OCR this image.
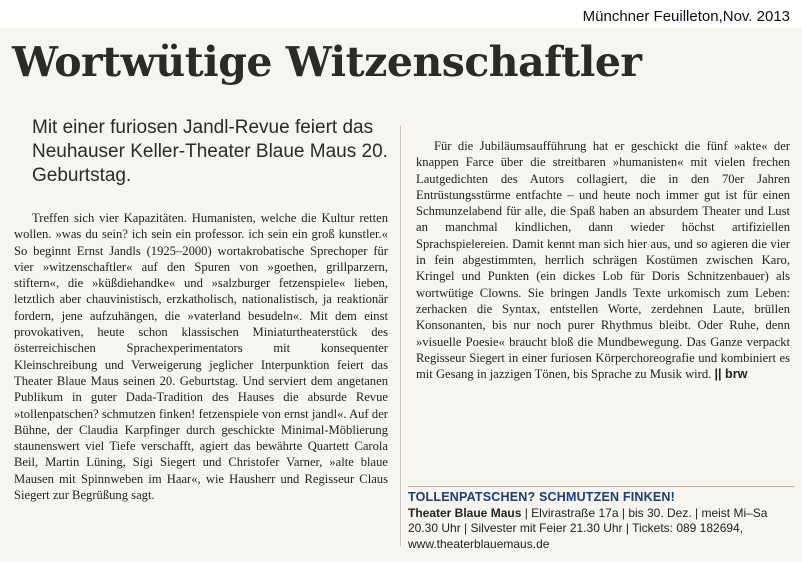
Münchner Feuilleton,Nov. 2013
Wortwütige Witzenschaftler
Mit einer furiosen Jandl-Revue feiert das Neuhauser Keller-Theater Blaue Maus 20. Geburtstag.
Treffen sich vier Kapazitäten. Humanisten, welche die Kultur retten wollen. »was du sein? ich sein ein professor. ich sein ein groß kunstler.« So beginnt Ernst Jandls (1925–2000) wortakrobatische Sprechoper für vier »witzenschaftler« auf den Spuren von »goethen, grillparzern, stiftern«, die »küßdiehandke« und »salzburger fetzenspiele« lieben, letztlich aber chauvinistisch, erzkatholisch, nationalistisch, ja reaktionär fordern, jene aufzuhängen, die »vaterland besudeln«. Mit dem einst provokativen, heute schon klassischen Miniaturtheaterstück des österreichischen Sprachexperimentators mit konsequenter Kleinschreibung und Verweigerung jeglicher Interpunktion feiert das Theater Blaue Maus seinen 20. Geburtstag. Und serviert dem angetanen Publikum in guter Dada-Tradition des Hauses die absurde Revue »tollenpatschen? schmutzen finken! fetzenspiele von ernst jandl«. Auf der Bühne, der Claudia Karpfinger durch geschickte Minimal-Möblierung staunenswert viel Tiefe verschafft, agiert das bewährte Quartett Carola Beil, Martin Lüning, Sigi Siegert und Christofer Varner, »alte blaue Mausen mit Spinnweben im Haar«, wie Hausherr und Regisseur Claus Siegert zur Begrüßung sagt.
Für die Jubiläumsaufführung hat er geschickt die fünf »akte« der knappen Farce über die streitbaren »humanisten« mit vielen frechen Lautgedichten des Autors collagiert, die in den 70er Jahren Entrüstungsstürme entfachte – und heute noch immer gut ist für einen Schmunzelabend für alle, die Spaß haben an absurdem Theater und Lust an manchmal kindlichen, dann wieder höchst artifiziellen Sprachspielereien. Damit kennt man sich hier aus, und so agieren die vier in fein abgestimmten, herrlich schrägen Kostümen zwischen Karo, Kringel und Punkten (ein dickes Lob für Doris Schnitzenbauer) als wortwütige Clowns. Sie bringen Jandls Texte urkomisch zum Leben: zerhacken die Syntax, entstellen Worte, zerdehnen Laute, brüllen Konsonanten, bis nur noch purer Rhythmus bleibt. Oder Ruhe, denn »visuelle Poesie« braucht bloß die Mundbewegung. Das Ganze verpackt Regisseur Siegert in einer furiosen Körperchoreografie und kombiniert es mit Gesang in jazzigen Tönen, bis Sprache zu Musik wird. || brw
TOLLENPATSCHEN? SCHMUTZEN FINKEN!
Theater Blaue Maus | Elvirastraße 17a | bis 30. Dez. | meist Mi–Sa 20.30 Uhr | Silvester mit Feier 21.30 Uhr | Tickets: 089 182694, www.theaterblauemaus.de
